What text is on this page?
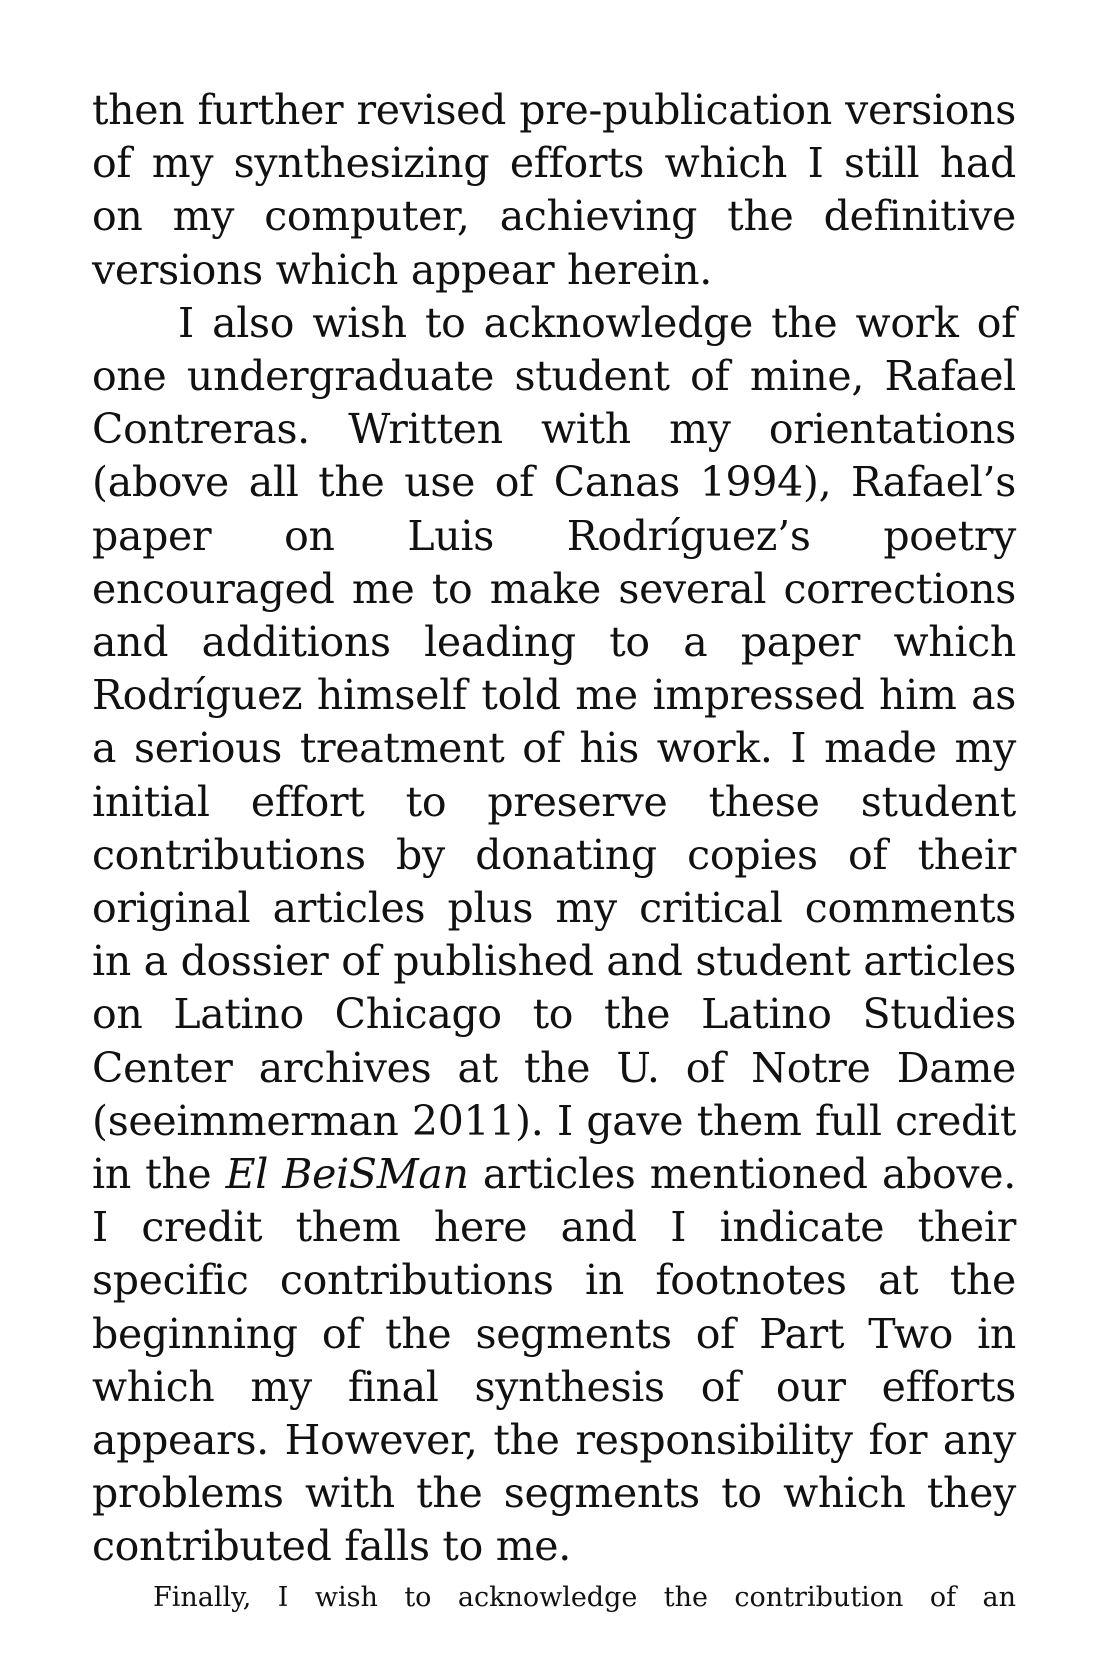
then further revised pre-publication versions of my synthesizing efforts which I still had on my computer, achieving the definitive versions which appear herein.

I also wish to acknowledge the work of one undergraduate student of mine, Rafael Contreras. Written with my orientations (above all the use of Canas 1994), Rafael’s paper on Luis Rodríguez’s poetry encouraged me to make several corrections and additions leading to a paper which Rodríguez himself told me impressed him as a serious treatment of his work. I made my initial effort to preserve these student contributions by donating copies of their original articles plus my critical comments in a dossier of published and student articles on Latino Chicago to the Latino Studies Center archives at the U. of Notre Dame (seeimmerman 2011). I gave them full credit in the El BeiSMan articles mentioned above. I credit them here and I indicate their specific contributions in footnotes at the beginning of the segments of Part Two in which my final synthesis of our efforts appears. However, the responsibility for any problems with the segments to which they contributed falls to me.

Finally, I wish to acknowledge the contribution of an
